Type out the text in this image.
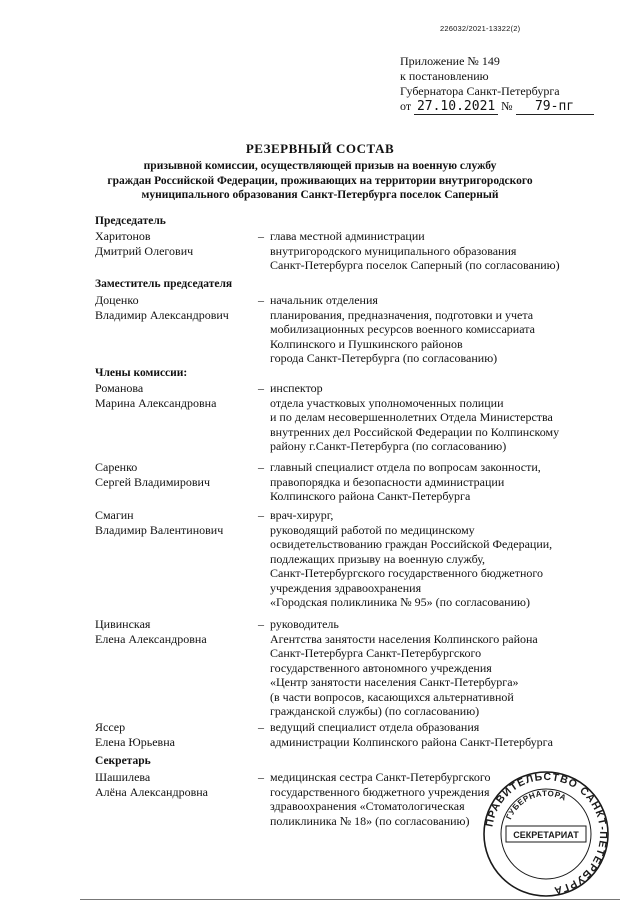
226032/2021-13322(2)
Приложение № 149
к постановлению
Губернатора Санкт-Петербурга
от 27.10.2021 № 79-пг
РЕЗЕРВНЫЙ СОСТАВ
призывной комиссии, осуществляющей призыв на военную службу
граждан Российской Федерации, проживающих на территории внутригородского
муниципального образования Санкт-Петербурга поселок Саперный
Председатель
Харитонов
Дмитрий Олегович
– глава местной администрации
внутригородского муниципального образования
Санкт-Петербурга поселок Саперный (по согласованию)
Заместитель председателя
Доценко
Владимир Александрович
– начальник отделения
планирования, предназначения, подготовки и учета
мобилизационных ресурсов военного комиссариата
Колпинского и Пушкинского районов
города Санкт-Петербурга (по согласованию)
Члены комиссии:
Романова
Марина Александровна
– инспектор
отдела участковых уполномоченных полиции
и по делам несовершеннолетних Отдела Министерства
внутренних дел Российской Федерации по Колпинскому
району г.Санкт-Петербурга (по согласованию)
Саренко
Сергей Владимирович
– главный специалист отдела по вопросам законности,
правопорядка и безопасности администрации
Колпинского района Санкт-Петербурга
Смагин
Владимир Валентинович
– врач-хирург,
руководящий работой по медицинскому
освидетельствованию граждан Российской Федерации,
подлежащих призыву на военную службу,
Санкт-Петербургского государственного бюджетного
учреждения здравоохранения
«Городская поликлиника № 95» (по согласованию)
Цивинская
Елена Александровна
– руководитель
Агентства занятости населения Колпинского района
Санкт-Петербурга Санкт-Петербургского
государственного автономного учреждения
«Центр занятости населения Санкт-Петербурга»
(в части вопросов, касающихся альтернативной
гражданской службы) (по согласованию)
Яссер
Елена Юрьевна
– ведущий специалист отдела образования
администрации Колпинского района Санкт-Петербурга
Секретарь
Шашилева
Алёна Александровна
– медицинская сестра Санкт-Петербургского
государственного бюджетного учреждения
здравоохранения «Стоматологическая
поликлиника № 18» (по согласованию)	ПРАВИТЕЛЬСТВО САНКТ-ПЕТЕРБУРГА
ГУБЕРНАТОРА
СЕКРЕТАРИАТ
